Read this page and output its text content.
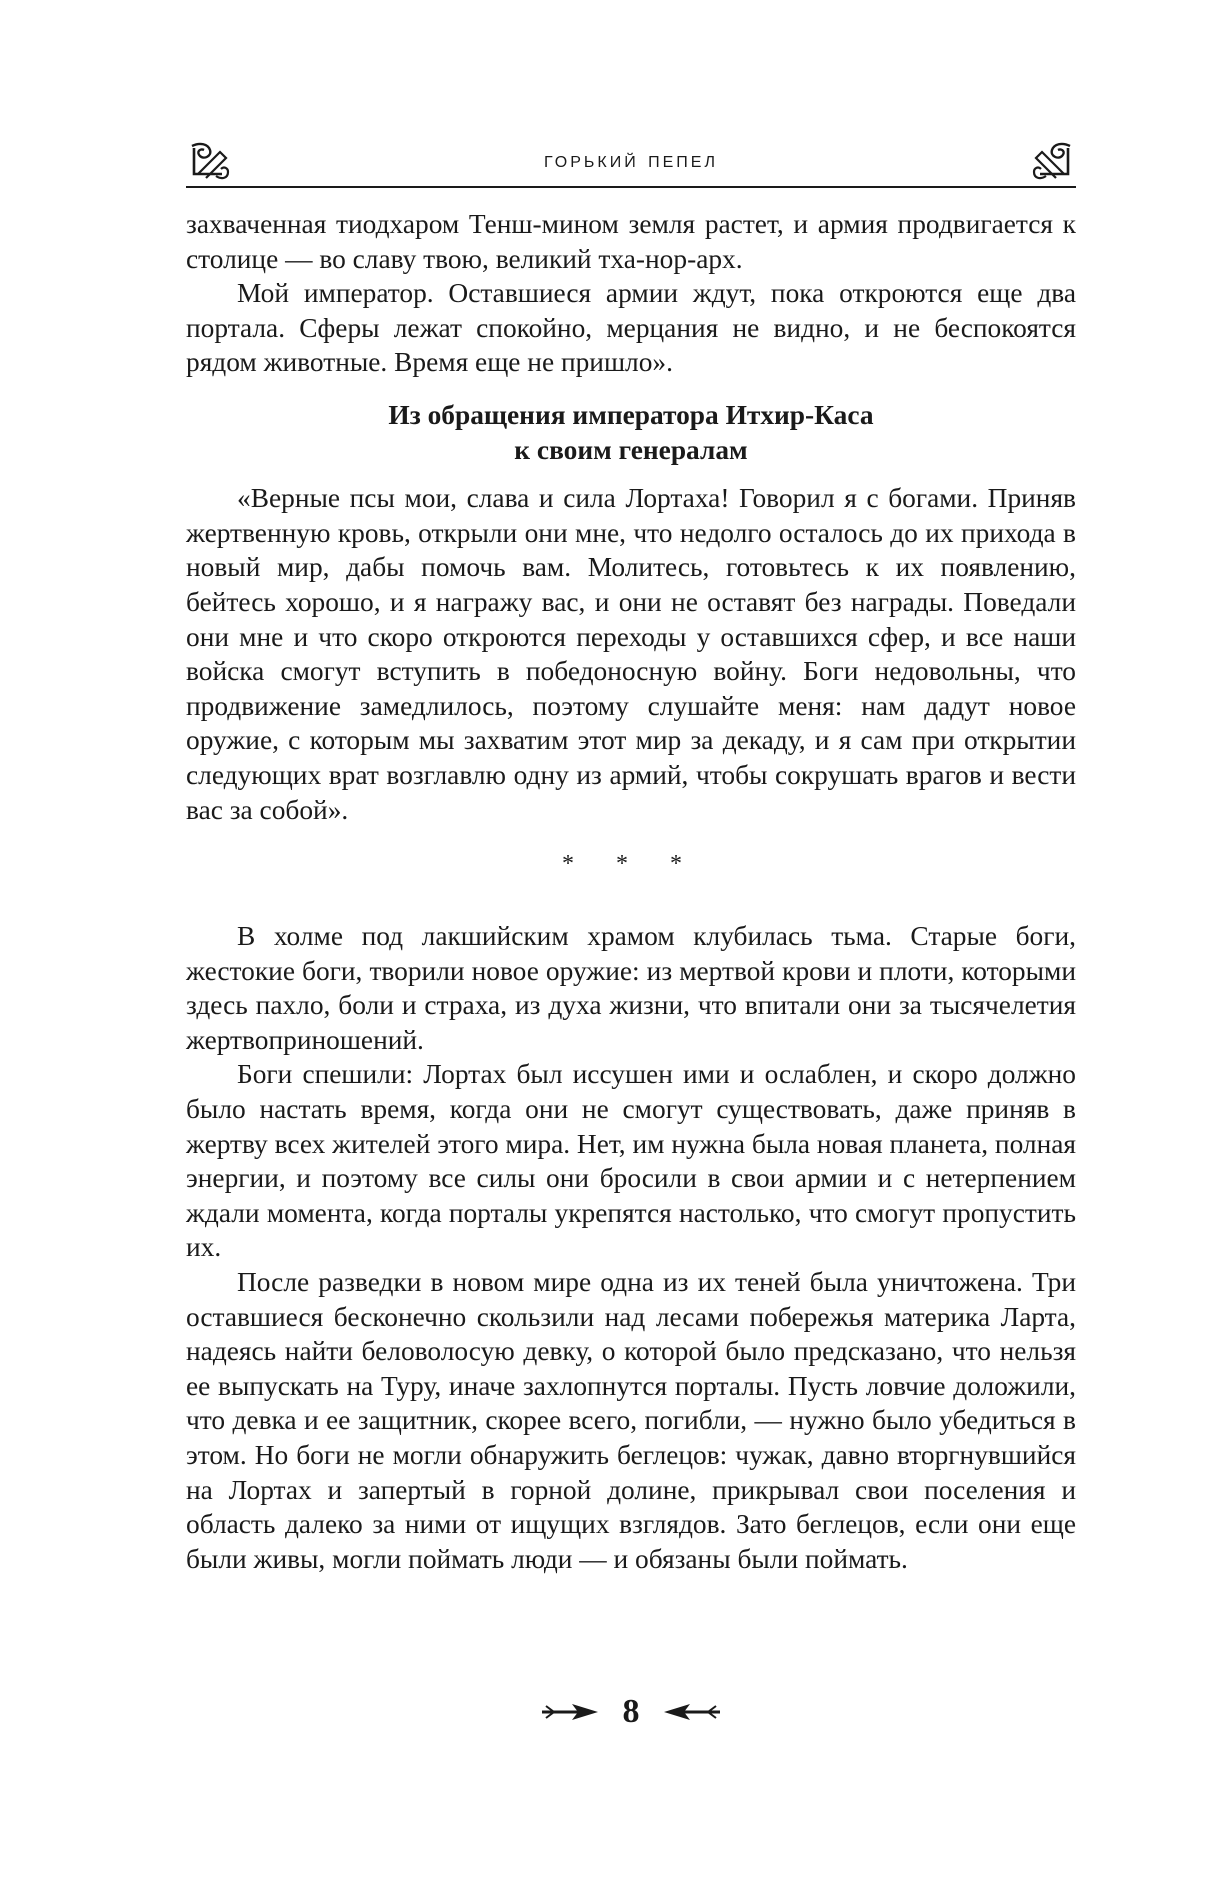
горький пепел

захваченная тиодхаром Тенш-мином земля растет, и армия продвигается к столице — во славу твою, великий тха-нор-арх.

Мой император. Оставшиеся армии ждут, пока откроются еще два портала. Сферы лежат спокойно, мерцания не видно, и не беспокоятся рядом животные. Время еще не пришло».

Из обращения императора Итхир-Каса
к своим генералам

«Верные псы мои, слава и сила Лортаха! Говорил я с богами. Приняв жертвенную кровь, открыли они мне, что недолго осталось до их прихода в новый мир, дабы помочь вам. Молитесь, готовьтесь к их появлению, бейтесь хорошо, и я награжу вас, и они не оставят без награды. Поведали они мне и что скоро откроются переходы у оставшихся сфер, и все наши войска смогут вступить в победоносную войну. Боги недовольны, что продвижение замедлилось, поэтому слушайте меня: нам дадут новое оружие, с которым мы захватим этот мир за декаду, и я сам при открытии следующих врат возглавлю одну из армий, чтобы сокрушать врагов и вести вас за собой».

* * *

В холме под лакшийским храмом клубилась тьма. Старые боги, жестокие боги, творили новое оружие: из мертвой крови и плоти, которыми здесь пахло, боли и страха, из духа жизни, что впитали они за тысячелетия жертвоприношений.

Боги спешили: Лортах был иссушен ими и ослаблен, и скоро должно было настать время, когда они не смогут существовать, даже приняв в жертву всех жителей этого мира. Нет, им нужна была новая планета, полная энергии, и поэтому все силы они бросили в свои армии и с нетерпением ждали момента, когда порталы укрепятся настолько, что смогут пропустить их.

После разведки в новом мире одна из их теней была уничтожена. Три оставшиеся бесконечно скользили над лесами побережья материка Ларта, надеясь найти беловолосую девку, о которой было предсказано, что нельзя ее выпускать на Туру, иначе захлопнутся порталы. Пусть ловчие доложили, что девка и ее защитник, скорее всего, погибли, — нужно было убедиться в этом. Но боги не могли обнаружить беглецов: чужак, давно вторгнувшийся на Лортах и запертый в горной долине, прикрывал свои поселения и область далеко за ними от ищущих взглядов. Зато беглецов, если они еще были живы, могли поймать люди — и обязаны были поймать.

8
